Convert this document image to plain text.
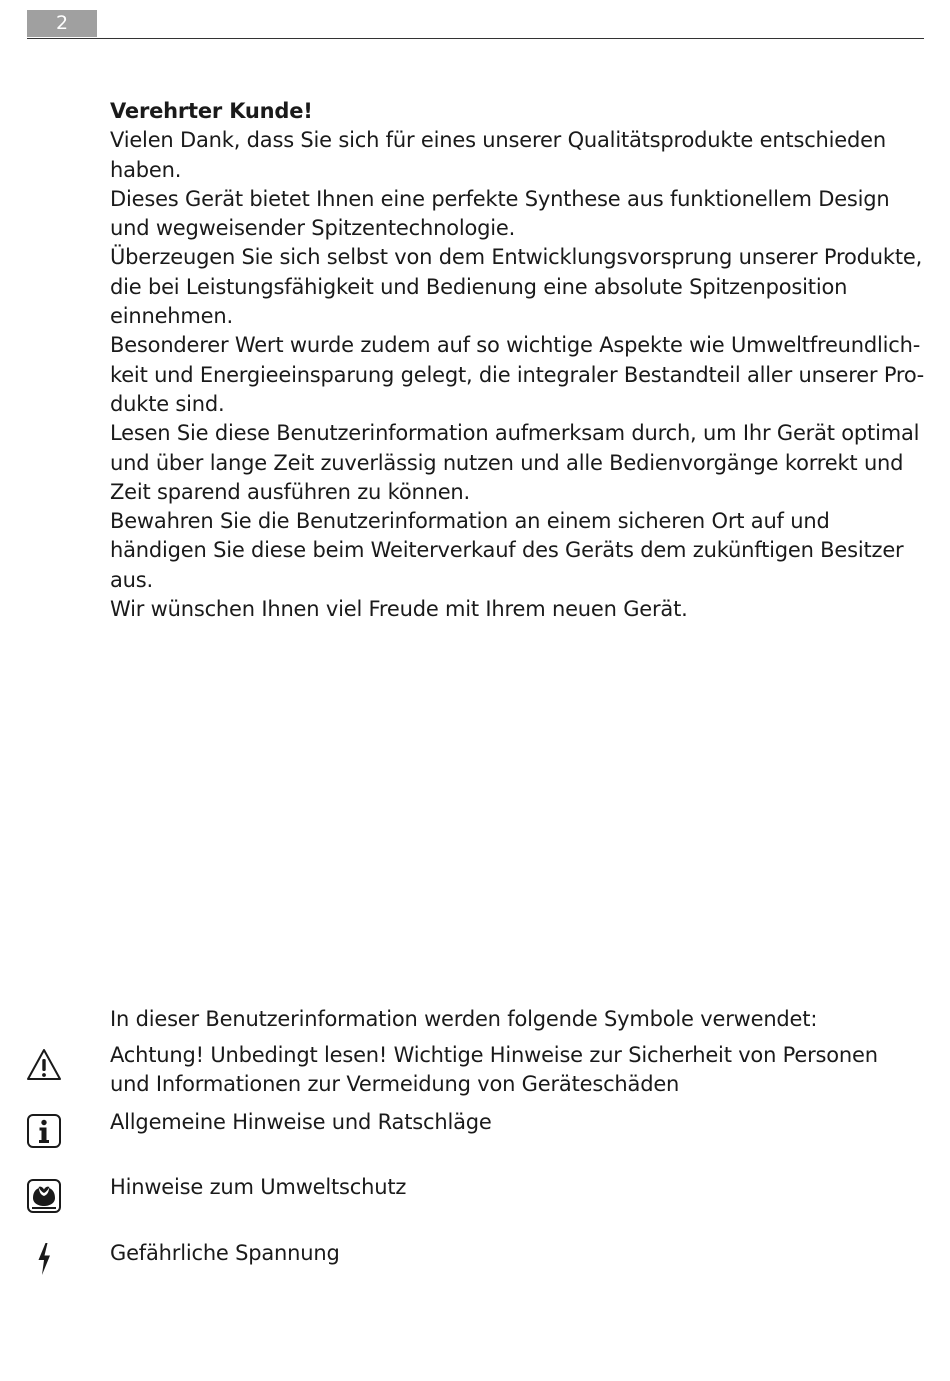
2

Verehrter Kunde!

Vielen Dank, dass Sie sich für eines unserer Qualitätsprodukte entschieden haben.

Dieses Gerät bietet Ihnen eine perfekte Synthese aus funktionellem Design und wegweisender Spitzentechnologie.

Überzeugen Sie sich selbst von dem Entwicklungsvorsprung unserer Produkte, die bei Leistungsfähigkeit und Bedienung eine absolute Spitzenposition einnehmen.

Besonderer Wert wurde zudem auf so wichtige Aspekte wie Umweltfreundlichkeit und Energieeinsparung gelegt, die integraler Bestandteil aller unserer Produkte sind.

Lesen Sie diese Benutzerinformation aufmerksam durch, um Ihr Gerät optimal und über lange Zeit zuverlässig nutzen und alle Bedienvorgänge korrekt und Zeit sparend ausführen zu können.

Bewahren Sie die Benutzerinformation an einem sicheren Ort auf und händigen Sie diese beim Weiterverkauf des Geräts dem zukünftigen Besitzer aus.

Wir wünschen Ihnen viel Freude mit Ihrem neuen Gerät.

In dieser Benutzerinformation werden folgende Symbole verwendet:

Achtung! Unbedingt lesen! Wichtige Hinweise zur Sicherheit von Personen und Informationen zur Vermeidung von Geräteschäden

Allgemeine Hinweise und Ratschläge

Hinweise zum Umweltschutz

Gefährliche Spannung
